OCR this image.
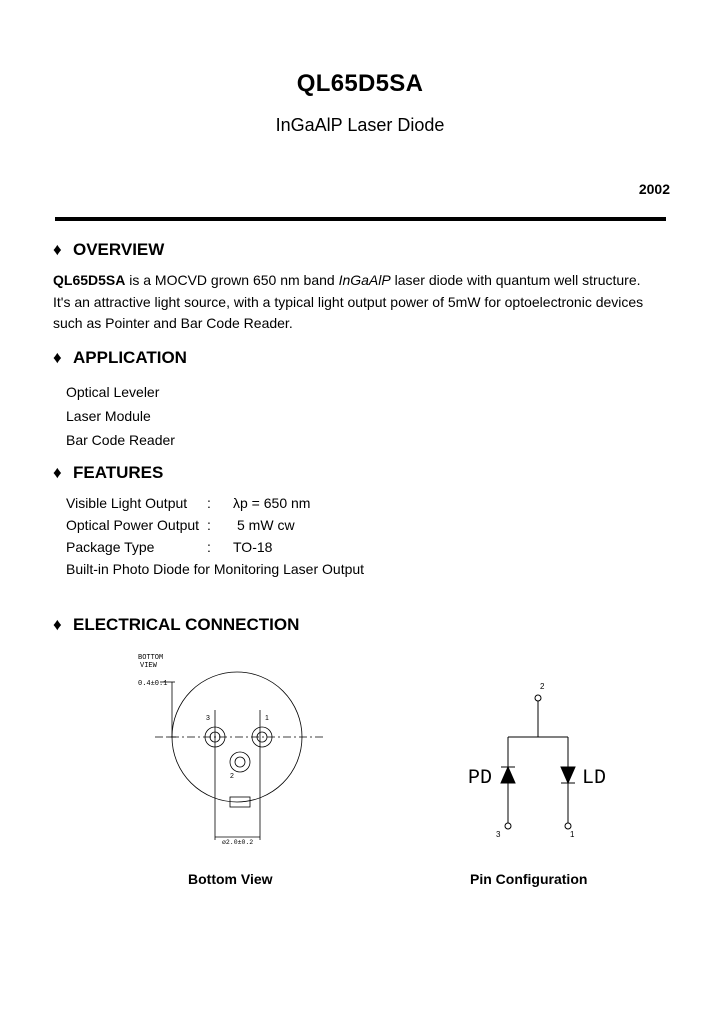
QL65D5SA
InGaAlP Laser Diode
2002
♦ OVERVIEW
QL65D5SA is a MOCVD grown 650 nm band InGaAlP laser diode with quantum well structure.
It's an attractive light source, with a typical light output power of 5mW for optoelectronic devices
such as Pointer and Bar Code Reader.
♦ APPLICATION
Optical Leveler
Laser Module
Bar Code Reader
♦ FEATURES
Visible Light Output : λp = 650 nm
Optical Power Output : 5 mW cw
Package Type	: TO-18
Built-in Photo Diode for Monitoring Laser Output
♦ ELECTRICAL CONNECTION
BOTTOM
VIEW
0.4±0.1
3	1
2
ø2.0±0.2
2
PD	LD
3	1
Bottom View	Pin Configuration
